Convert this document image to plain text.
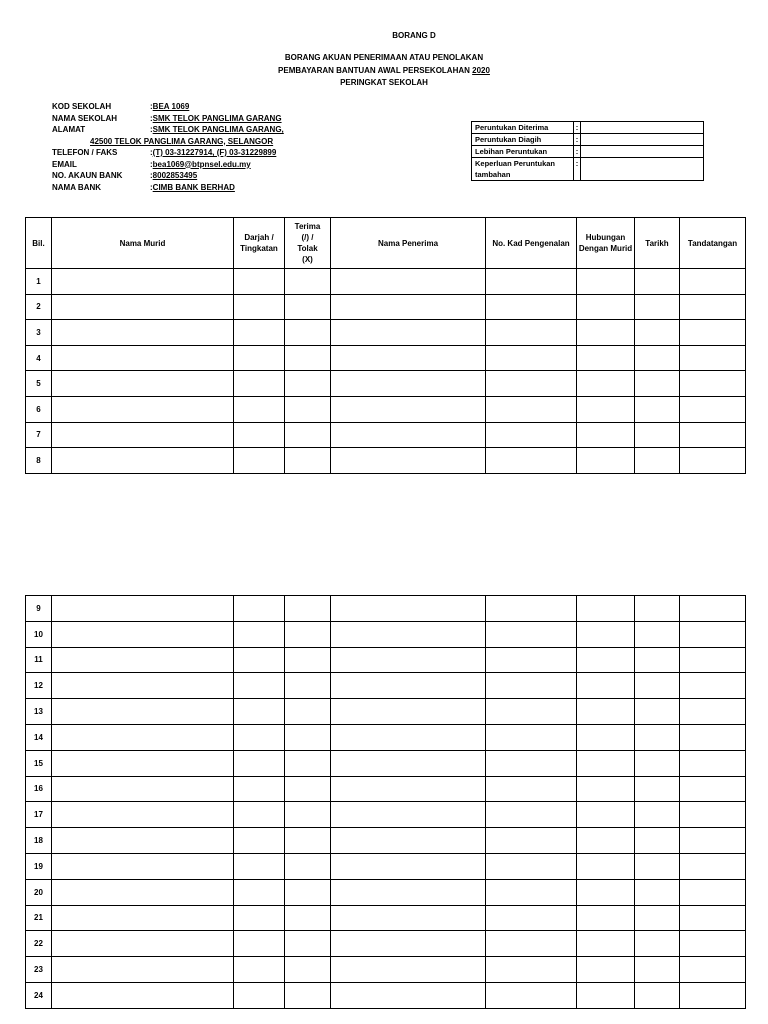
BORANG D
BORANG AKUAN PENERIMAAN ATAU PENOLAKAN
PEMBAYARAN BANTUAN AWAL PERSEKOLAHAN 2020
PERINGKAT SEKOLAH
KOD SEKOLAH	: BEA 1069
NAMA SEKOLAH	: SMK TELOK PANGLIMA GARANG
ALAMAT	: SMK TELOK PANGLIMA GARANG,
42500 TELOK PANGLIMA GARANG, SELANGOR
TELEFON / FAKS	: (T) 03-31227914, (F) 03-31229899
EMAIL	: bea1069@btpnsel.edu.my
NO. AKAUN BANK	: 8002853495
NAMA BANK	: CIMB BANK BERHAD
Peruntukan Diterima	:	
Peruntukan Diagih	:	
Lebihan Peruntukan	:	
Keperluan Peruntukan tambahan	:	
Bil.	Nama Murid	Darjah / Tingkatan	Terima (/) / Tolak (X)	Nama Penerima	No. Kad Pengenalan	Hubungan Dengan Murid	Tarikh	Tandatangan
1								
2								
3								
4								
5								
6								
7								
8								
9								
10								
11								
12								
13								
14								
15								
16								
17								
18								
19								
20								
21								
22								
23								
24								
